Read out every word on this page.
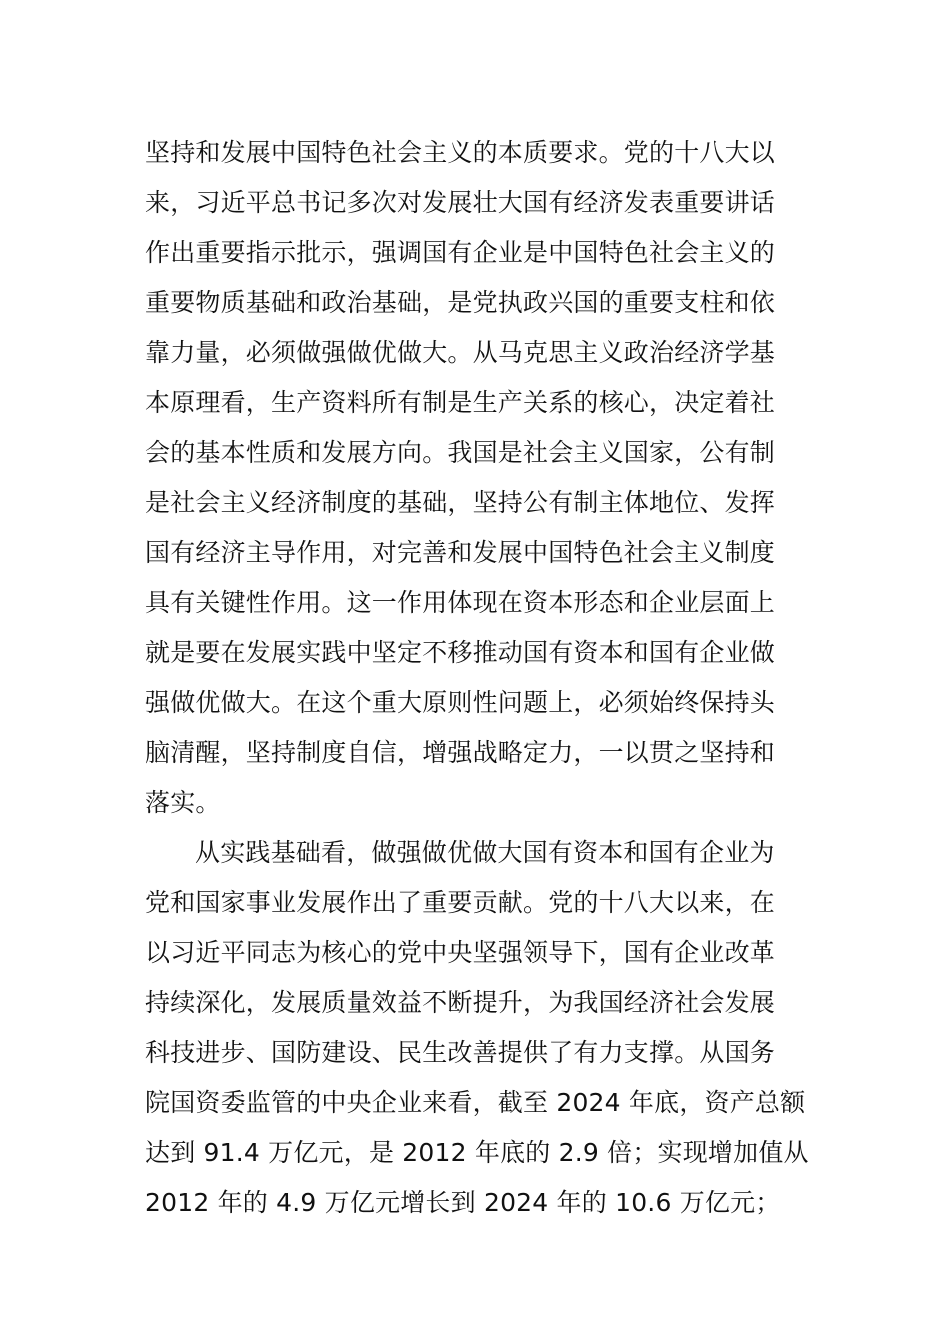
坚持和发展中国特色社会主义的本质要求。党的十八大以
来，习近平总书记多次对发展壮大国有经济发表重要讲话
作出重要指示批示，强调国有企业是中国特色社会主义的
重要物质基础和政治基础，是党执政兴国的重要支柱和依
靠力量，必须做强做优做大。从马克思主义政治经济学基
本原理看，生产资料所有制是生产关系的核心，决定着社
会的基本性质和发展方向。我国是社会主义国家，公有制
是社会主义经济制度的基础，坚持公有制主体地位、发挥
国有经济主导作用，对完善和发展中国特色社会主义制度
具有关键性作用。这一作用体现在资本形态和企业层面上
就是要在发展实践中坚定不移推动国有资本和国有企业做
强做优做大。在这个重大原则性问题上，必须始终保持头
脑清醒，坚持制度自信，增强战略定力，一以贯之坚持和
落实。
从实践基础看，做强做优做大国有资本和国有企业为
党和国家事业发展作出了重要贡献。党的十八大以来，在
以习近平同志为核心的党中央坚强领导下，国有企业改革
持续深化，发展质量效益不断提升，为我国经济社会发展
科技进步、国防建设、民生改善提供了有力支撑。从国务
院国资委监管的中央企业来看，截至 2024 年底，资产总额
达到 91.4 万亿元，是 2012 年底的 2.9 倍；实现增加值从
2012 年的 4.9 万亿元增长到 2024 年的 10.6 万亿元；
